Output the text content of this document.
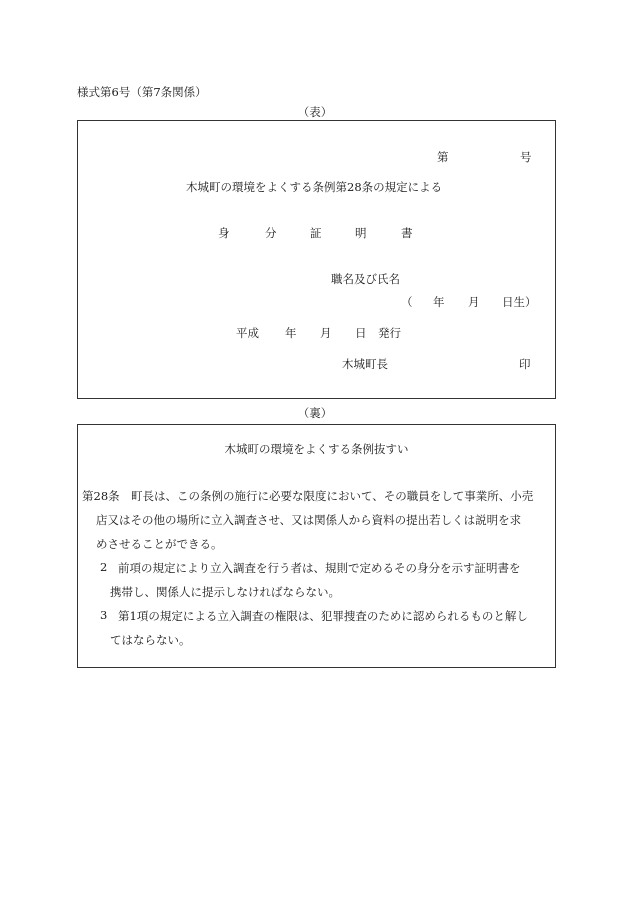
様式第6号（第7条関係）
（表）
第	号
木城町の環境をよくする条例第28条の規定による
身	分	証	明	書
職名及び氏名
（ 年 月 日生）
平成 年 月 日 発行
木城町長	印
（裏）
木城町の環境をよくする条例抜すい
第28条 町長は、この条例の施行に必要な限度において、その職員をして事業所、小売
店又はその他の場所に立入調査させ、又は関係人から資料の提出若しくは説明を求
めさせることができる。
2 前項の規定により立入調査を行う者は、規則で定めるその身分を示す証明書を
携帯し、関係人に提示しなければならない。
3 第1項の規定による立入調査の権限は、犯罪捜査のために認められるものと解し
てはならない。
